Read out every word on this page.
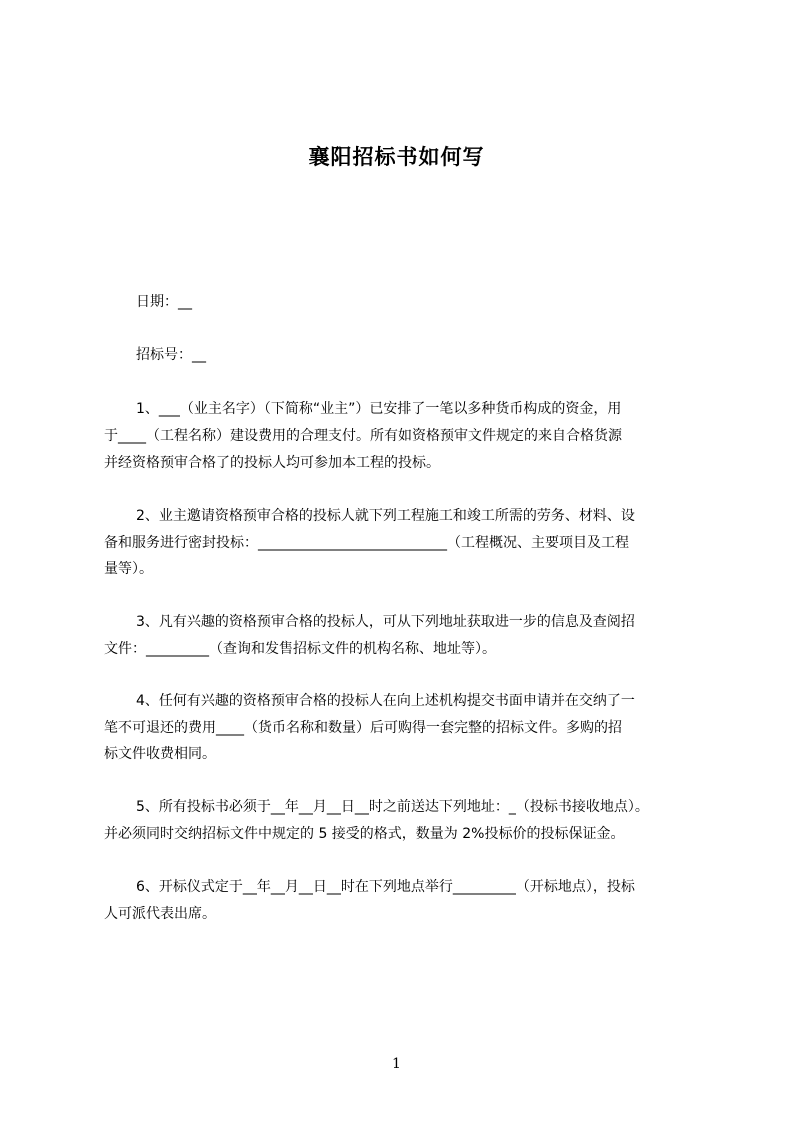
襄阳招标书如何写
日期：__
招标号：__
1、___（业主名字）（下简称“业主”）已安排了一笔以多种货币构成的资金，用
于____（工程名称）建设费用的合理支付。所有如资格预审文件规定的来自合格货源
并经资格预审合格了的投标人均可参加本工程的投标。
2、业主邀请资格预审合格的投标人就下列工程施工和竣工所需的劳务、材料、设
备和服务进行密封投标：___________________________（工程概况、主要项目及工程
量等）。
3、凡有兴趣的资格预审合格的投标人，可从下列地址获取进一步的信息及查阅招
文件：_________（查询和发售招标文件的机构名称、地址等）。
4、任何有兴趣的资格预审合格的投标人在向上述机构提交书面申请并在交纳了一
笔不可退还的费用____（货币名称和数量）后可购得一套完整的招标文件。多购的招
标文件收费相同。
5、所有投标书必须于__年__月__日__时之前送达下列地址：_（投标书接收地点）。
并必须同时交纳招标文件中规定的 5 接受的格式，数量为 2%投标价的投标保证金。
6、开标仪式定于__年__月__日__时在下列地点举行_________（开标地点），投标
人可派代表出席。
1
